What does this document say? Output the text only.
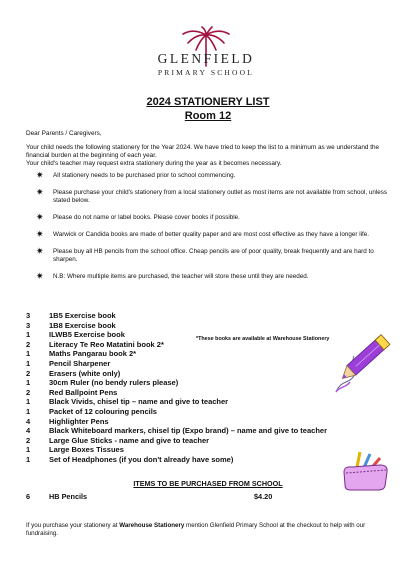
GLENFIELD
PRIMARY SCHOOL
2024 STATIONERY LIST
Room 12
Dear Parents / Caregivers,
Your child needs the following stationery for the Year 2024. We have tried to keep the list to a minimum as we understand the financial burden at the beginning of each year.
Your child's teacher may request extra stationery during the year as it becomes necessary.
✷ All stationery needs to be purchased prior to school commencing.
✷ Please purchase your child's stationery from a local stationery outlet as most items are not available from school, unless stated below.
✷ Please do not name or label books. Please cover books if possible.
✷ Warwick or Candida books are made of better quality paper and are most cost effective as they have a longer life.
✷ Please buy all HB pencils from the school office. Cheap pencils are of poor quality, break frequently and are hard to sharpen.
✷ N.B: Where multiple items are purchased, the teacher will store these until they are needed.
3	1B5 Exercise book
3	1B8 Exercise book
1	ILWB5 Exercise book
2	Literacy Te Reo Matatini book 2*
1	Maths Pangarau book 2*
1	Pencil Sharpener
2	Erasers (white only)
1	30cm Ruler (no bendy rulers please)
2	Red Ballpoint Pens
1	Black Vivids, chisel tip – name and give to teacher
1	Packet of 12 colouring pencils
4	Highlighter Pens
4	Black Whiteboard markers, chisel tip (Expo brand) – name and give to teacher
2	Large Glue Sticks - name and give to teacher
1	Large Boxes Tissues
1	Set of Headphones (if you don't already have some)
*These books are available at Warehouse Stationery
ITEMS TO BE PURCHASED FROM SCHOOL
6	HB Pencils	$4.20
If you purchase your stationery at Warehouse Stationery mention Glenfield Primary School at the checkout to help with our fundraising.
